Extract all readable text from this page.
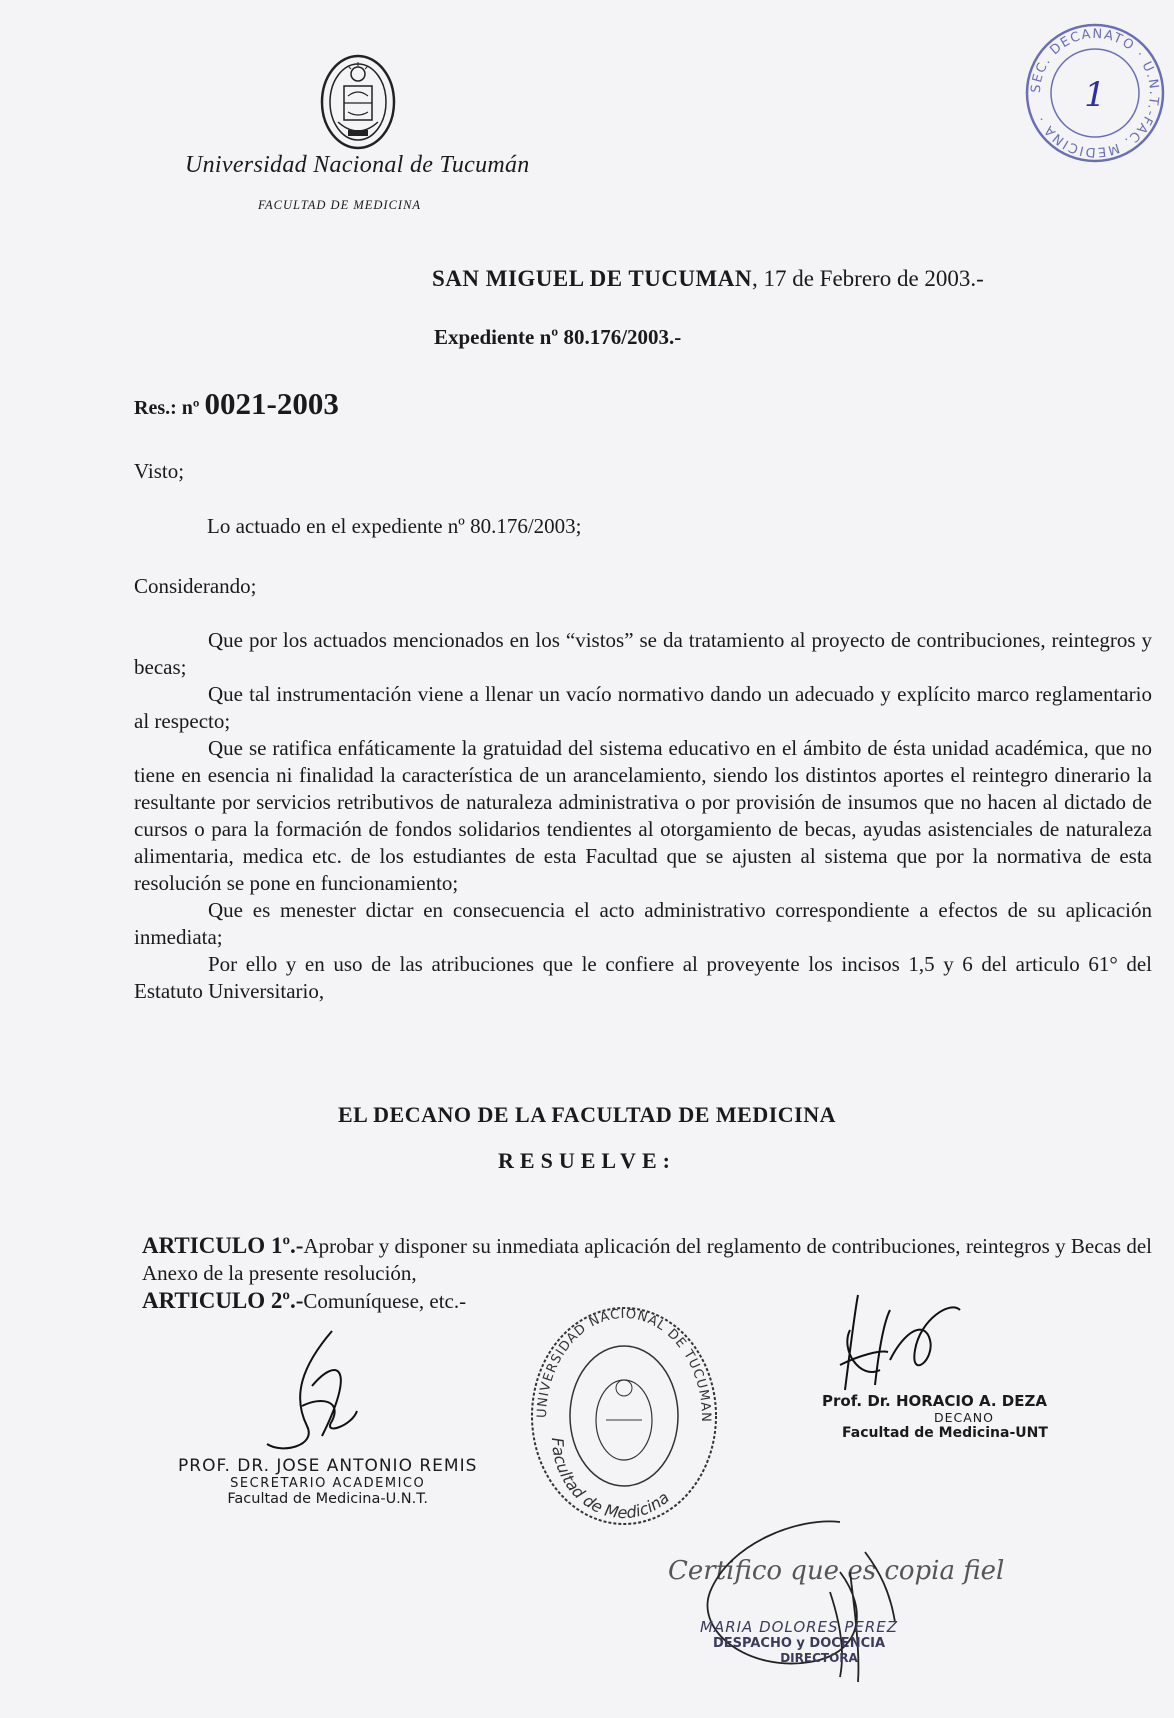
Universidad Nacional de Tucumán
FACULTAD DE MEDICINA
SEC. DECANATO · U.N.T.-FAC. MEDICINA ·
1
SAN MIGUEL DE TUCUMAN, 17 de Febrero de 2003.-
Expediente nº 80.176/2003.-
Res.: nº 0021-2003
Visto;
Lo actuado en el expediente nº 80.176/2003;
Considerando;

Que por los actuados mencionados en los “vistos” se da tratamiento al proyecto de contribuciones, reintegros y becas;

Que tal instrumentación viene a llenar un vacío normativo dando un adecuado y explícito marco reglamentario al respecto;

Que se ratifica enfáticamente la gratuidad del sistema educativo en el ámbito de ésta unidad académica, que no tiene en esencia ni finalidad la característica de un arancelamiento, siendo los distintos aportes el reintegro dinerario la resultante por servicios retributivos de naturaleza administrativa o por provisión de insumos que no hacen al dictado de cursos o para la formación de fondos solidarios tendientes al otorgamiento de becas, ayudas asistenciales de naturaleza alimentaria, medica etc. de los estudiantes de esta Facultad que se ajusten al sistema que por la normativa de esta resolución se pone en funcionamiento;

Que es menester dictar en consecuencia el acto administrativo correspondiente a efectos de su aplicación inmediata;

Por ello y en uso de las atribuciones que le confiere al proveyente los incisos 1,5 y 6 del articulo 61° del Estatuto Universitario,

EL DECANO DE LA FACULTAD DE MEDICINA
RESUELVE:

ARTICULO 1º.-Aprobar y disponer su inmediata aplicación del reglamento de contribuciones, reintegros y Becas del Anexo de la presente resolución,

ARTICULO 2º.-Comuníquese, etc.-

PROF. DR. JOSE ANTONIO REMIS
SECRETARIO ACADEMICO
Facultad de Medicina-U.N.T.
UNIVERSIDAD NACIONAL DE TUCUMAN
Facultad de Medicina
Prof. Dr. HORACIO A. DEZA
DECANO
Facultad de Medicina-UNT
Certifico que es copia fiel
MARIA DOLORES PEREZ
DESPACHO y DOCENCIA
DIRECTORA
